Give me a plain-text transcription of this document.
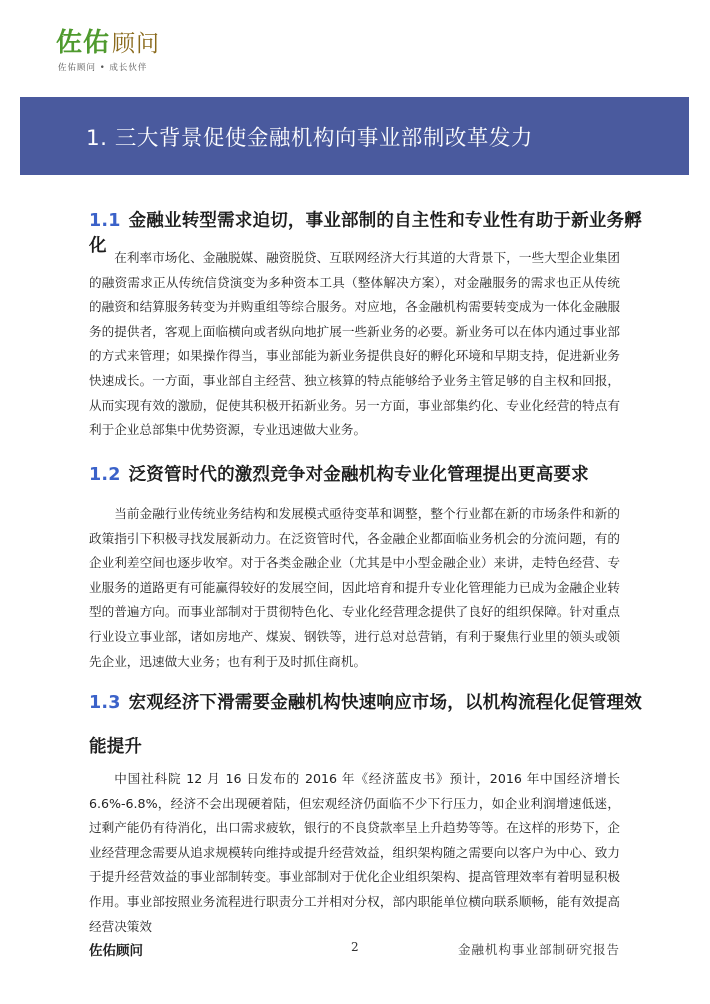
佐佑 顾问
佐佑顾问 • 成长伙伴
1. 三大背景促使金融机构向事业部制改革发力
1.1 金融业转型需求迫切，事业部制的自主性和专业性有助于新业务孵化

在利率市场化、金融脱媒、融资脱贷、互联网经济大行其道的大背景下，一些大型企业集团的融资需求正从传统信贷演变为多种资本工具（整体解决方案），对金融服务的需求也正从传统的融资和结算服务转变为并购重组等综合服务。对应地，各金融机构需要转变成为一体化金融服务的提供者，客观上面临横向或者纵向地扩展一些新业务的必要。新业务可以在体内通过事业部的方式来管理；如果操作得当，事业部能为新业务提供良好的孵化环境和早期支持，促进新业务快速成长。一方面，事业部自主经营、独立核算的特点能够给予业务主管足够的自主权和回报，从而实现有效的激励，促使其积极开拓新业务。另一方面，事业部集约化、专业化经营的特点有利于企业总部集中优势资源，专业迅速做大业务。

1.2 泛资管时代的激烈竞争对金融机构专业化管理提出更高要求

当前金融行业传统业务结构和发展模式亟待变革和调整，整个行业都在新的市场条件和新的政策指引下积极寻找发展新动力。在泛资管时代，各金融企业都面临业务机会的分流问题，有的企业利差空间也逐步收窄。对于各类金融企业（尤其是中小型金融企业）来讲，走特色经营、专业服务的道路更有可能赢得较好的发展空间，因此培育和提升专业化管理能力已成为金融企业转型的普遍方向。而事业部制对于贯彻特色化、专业化经营理念提供了良好的组织保障。针对重点行业设立事业部，诸如房地产、煤炭、钢铁等，进行总对总营销，有利于聚焦行业里的领头或领先企业，迅速做大业务；也有利于及时抓住商机。

1.3 宏观经济下滑需要金融机构快速响应市场，以机构流程化促管理效能提升

中国社科院 12 月 16 日发布的 2016 年《经济蓝皮书》预计，2016 年中国经济增长 6.6%-6.8%，经济不会出现硬着陆，但宏观经济仍面临不少下行压力，如企业利润增速低迷，过剩产能仍有待消化，出口需求疲软，银行的不良贷款率呈上升趋势等等。在这样的形势下，企业经营理念需要从追求规模转向维持或提升经营效益，组织架构随之需要向以客户为中心、致力于提升经营效益的事业部制转变。事业部制对于优化企业组织架构、提高管理效率有着明显积极作用。事业部按照业务流程进行职责分工并相对分权，部内职能单位横向联系顺畅，能有效提高经营决策效

佐佑顾问	2	金融机构事业部制研究报告
